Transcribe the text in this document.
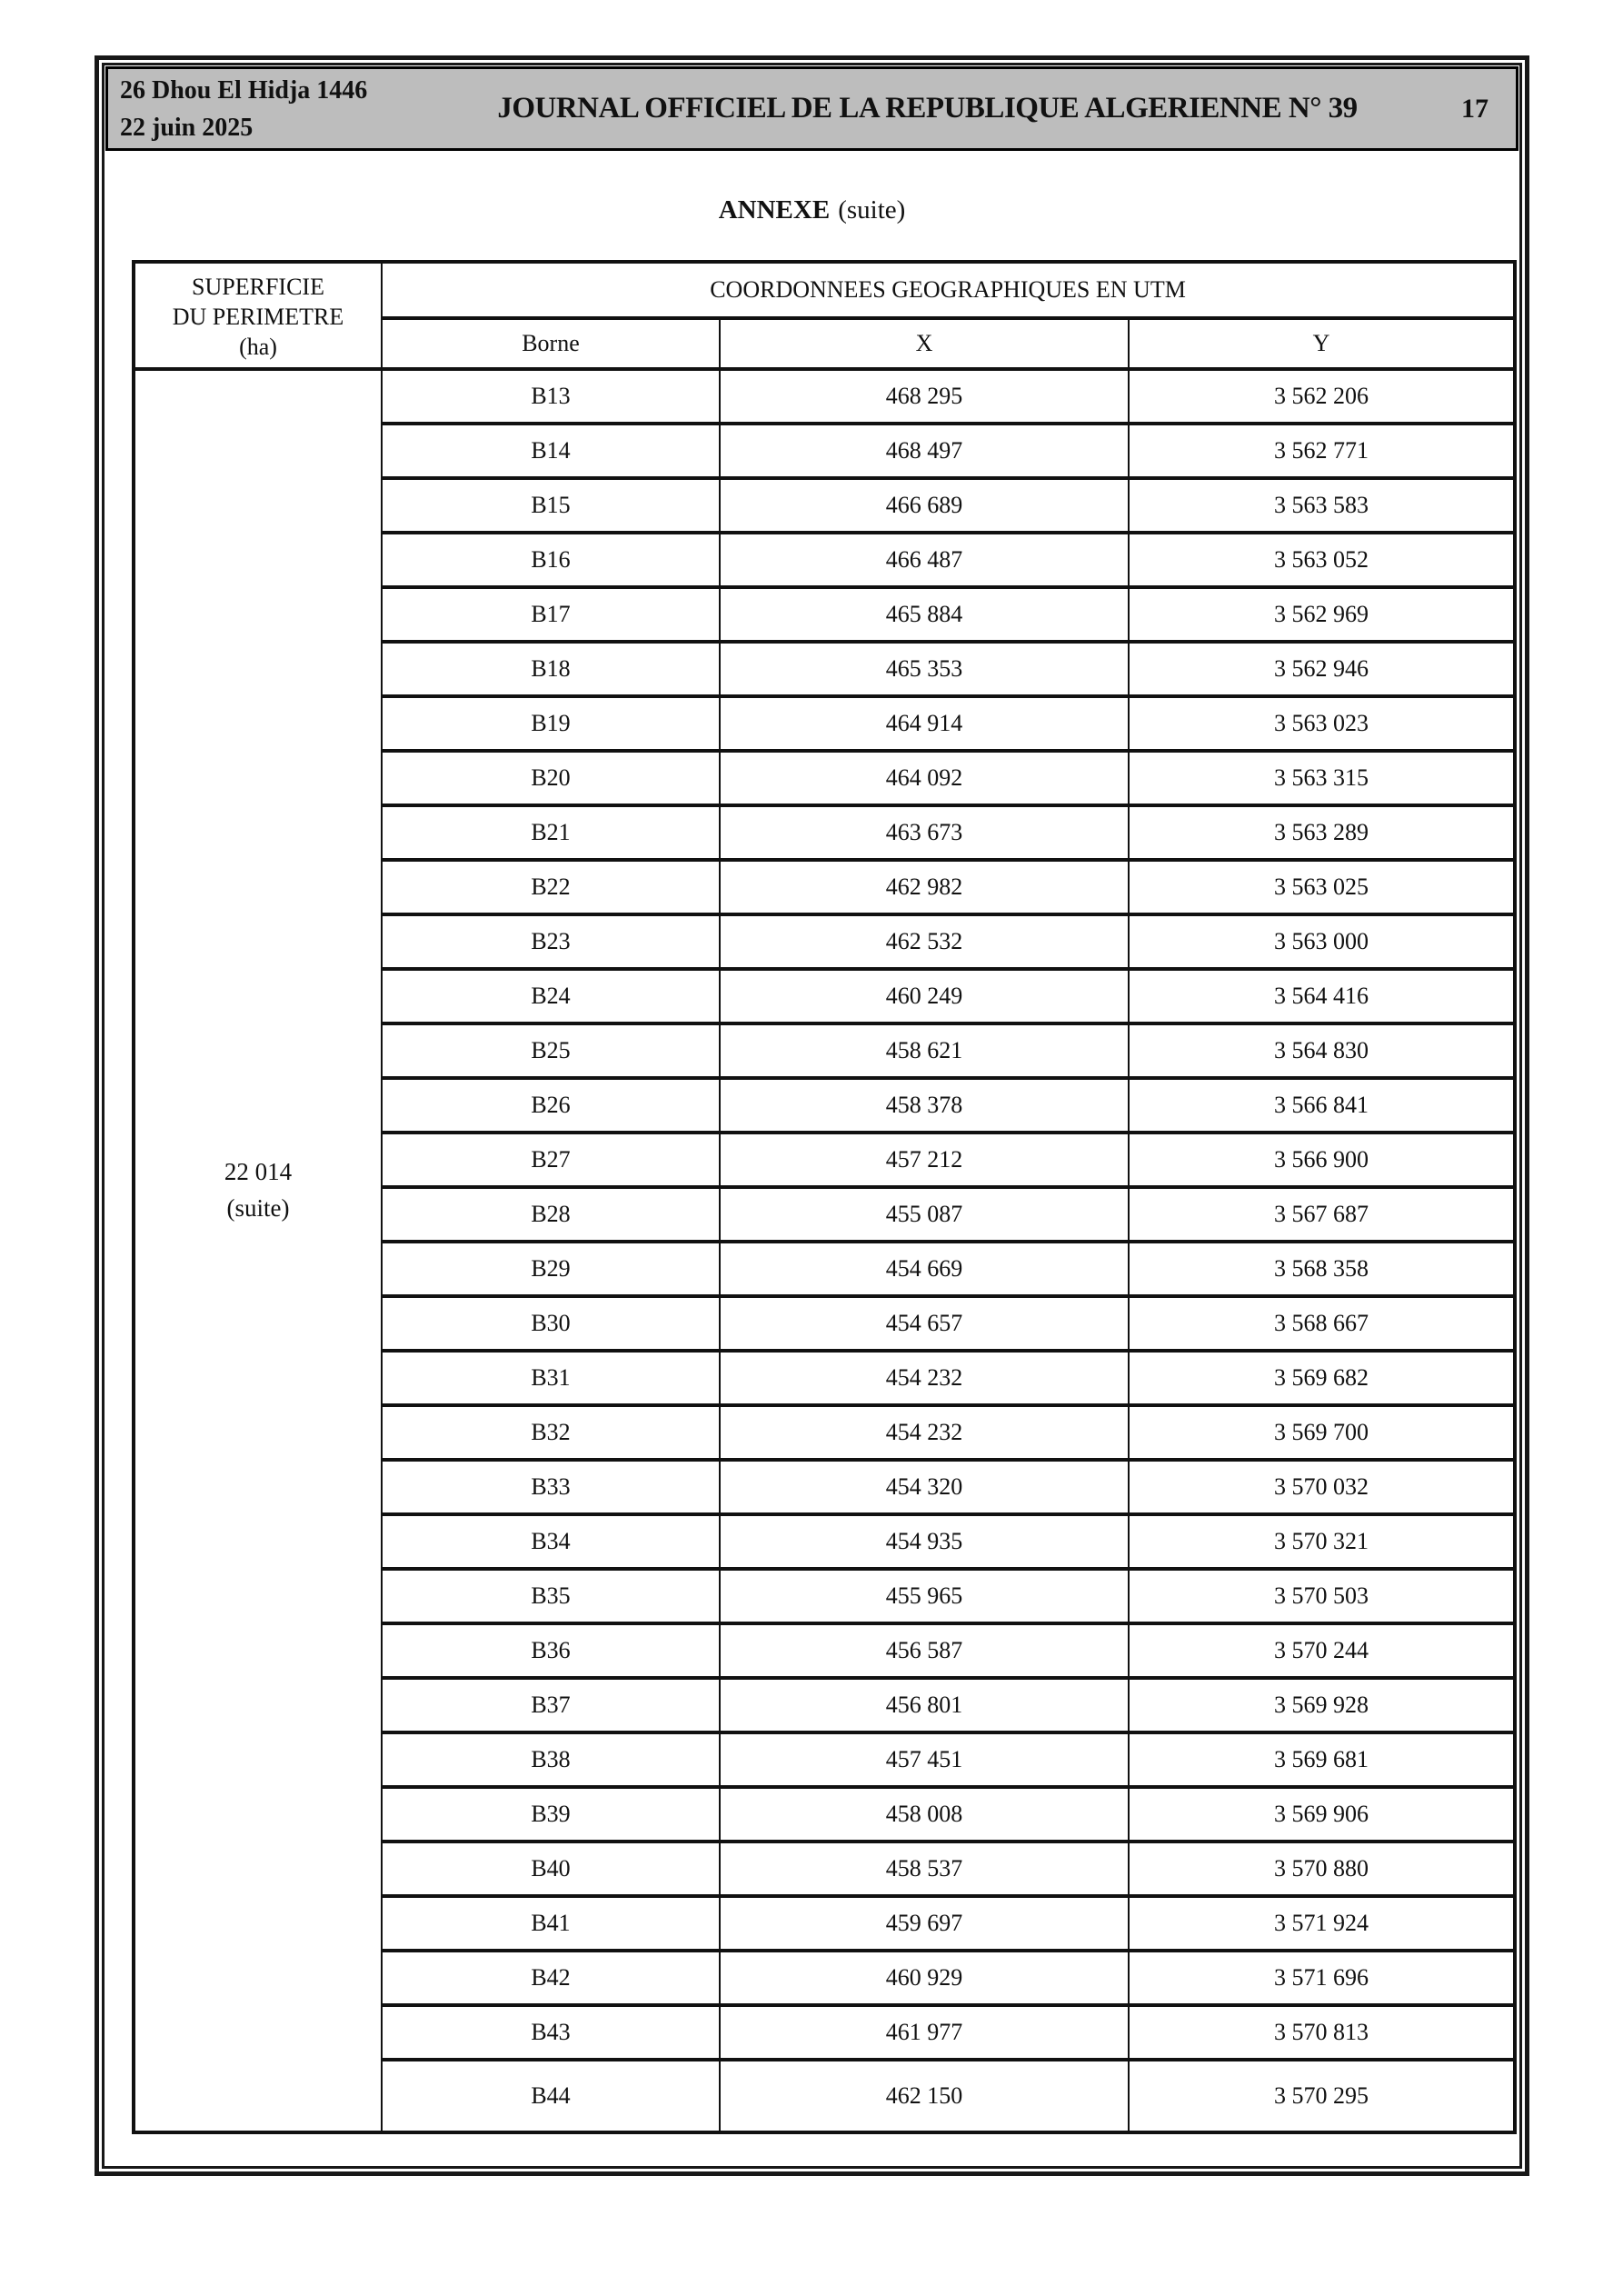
26 Dhou El Hidja 1446
22 juin 2025
JOURNAL OFFICIEL DE LA REPUBLIQUE ALGERIENNE N° 39	17
ANNEXE (suite)
SUPERFICIE
DU PERIMETRE
(ha)	COORDONNEES GEOGRAPHIQUES EN UTM		
	Borne	X	Y

22 014
(suite)	B13	468 295	3 562 206
	B14	468 497	3 562 771
	B15	466 689	3 563 583
	B16	466 487	3 563 052
	B17	465 884	3 562 969
	B18	465 353	3 562 946
	B19	464 914	3 563 023
	B20	464 092	3 563 315
	B21	463 673	3 563 289
	B22	462 982	3 563 025
	B23	462 532	3 563 000
	B24	460 249	3 564 416
	B25	458 621	3 564 830
	B26	458 378	3 566 841
	B27	457 212	3 566 900
	B28	455 087	3 567 687
	B29	454 669	3 568 358
	B30	454 657	3 568 667
	B31	454 232	3 569 682
	B32	454 232	3 569 700
	B33	454 320	3 570 032
	B34	454 935	3 570 321
	B35	455 965	3 570 503
	B36	456 587	3 570 244
	B37	456 801	3 569 928
	B38	457 451	3 569 681
	B39	458 008	3 569 906
	B40	458 537	3 570 880
	B41	459 697	3 571 924
	B42	460 929	3 571 696
	B43	461 977	3 570 813
	B44	462 150	3 570 295
